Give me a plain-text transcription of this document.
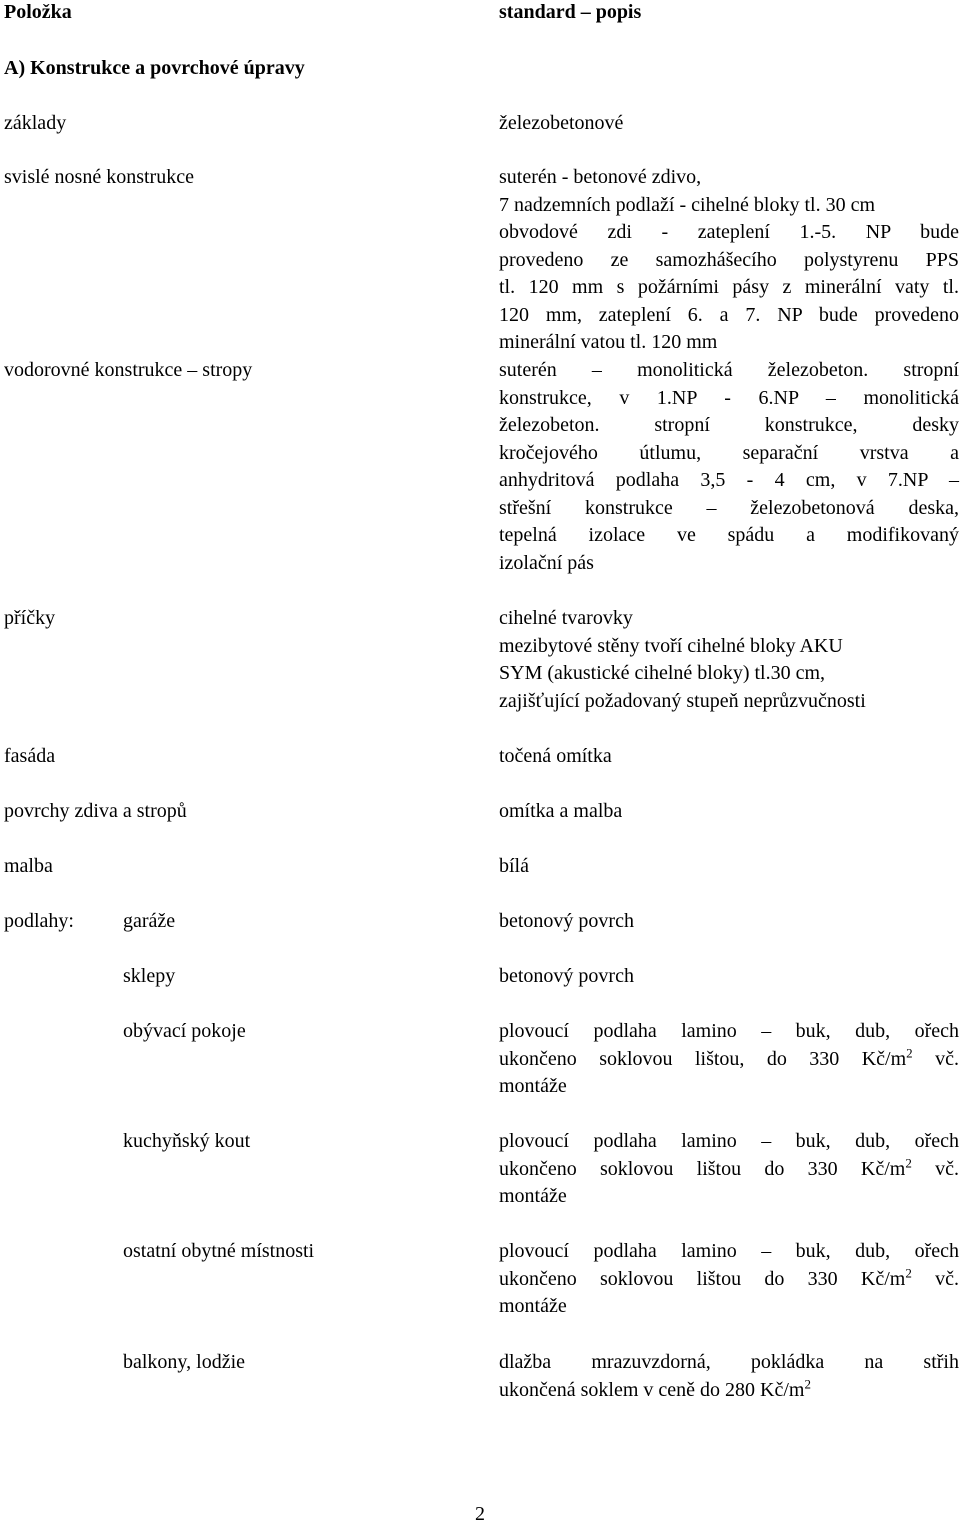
Položka	standard – popis
A) Konstrukce a povrchové úpravy
základy	železobetonové
svislé nosné konstrukce	suterén - betonové zdivo,
7 nadzemních podlaží - cihelné bloky tl. 30 cm
obvodové zdi - zateplení 1.-5. NP bude
provedeno ze samozhášecího polystyrenu PPS
tl. 120 mm s požárními pásy z minerální vaty tl.
120 mm, zateplení 6. a 7. NP bude provedeno
minerální vatou tl. 120 mm
vodorovné konstrukce – stropy	suterén – monolitická železobeton. stropní
konstrukce, v 1.NP - 6.NP – monolitická
železobeton. stropní konstrukce, desky
kročejového útlumu, separační vrstva a
anhydritová podlaha 3,5 - 4 cm, v 7.NP –
střešní konstrukce – železobetonová deska,
tepelná izolace ve spádu a modifikovaný
izolační pás
příčky	cihelné tvarovky
mezibytové stěny tvoří cihelné bloky AKU
SYM (akustické cihelné bloky) tl.30 cm,
zajišťující požadovaný stupeň neprůzvučnosti
fasáda	točená omítka
povrchy zdiva a stropů	omítka a malba
malba	bílá
podlahy: garáže	betonový povrch
sklepy	betonový povrch
obývací pokoje	plovoucí podlaha lamino – buk, dub, ořech
ukončeno soklovou lištou, do 330 $Kč/m^2$ vč.
montáže
kuchyňský kout	plovoucí podlaha lamino – buk, dub, ořech
ukončeno soklovou lištou do 330 $Kč/m^2$ vč.
montáže
ostatní obytné místnosti	plovoucí podlaha lamino – buk, dub, ořech
ukončeno soklovou lištou do 330 $Kč/m^2$ vč.
montáže
balkony, lodžie	dlažba mrazuvzdorná, pokládka na střih
ukončená soklem v ceně do 280 $Kč/m^2$
2
